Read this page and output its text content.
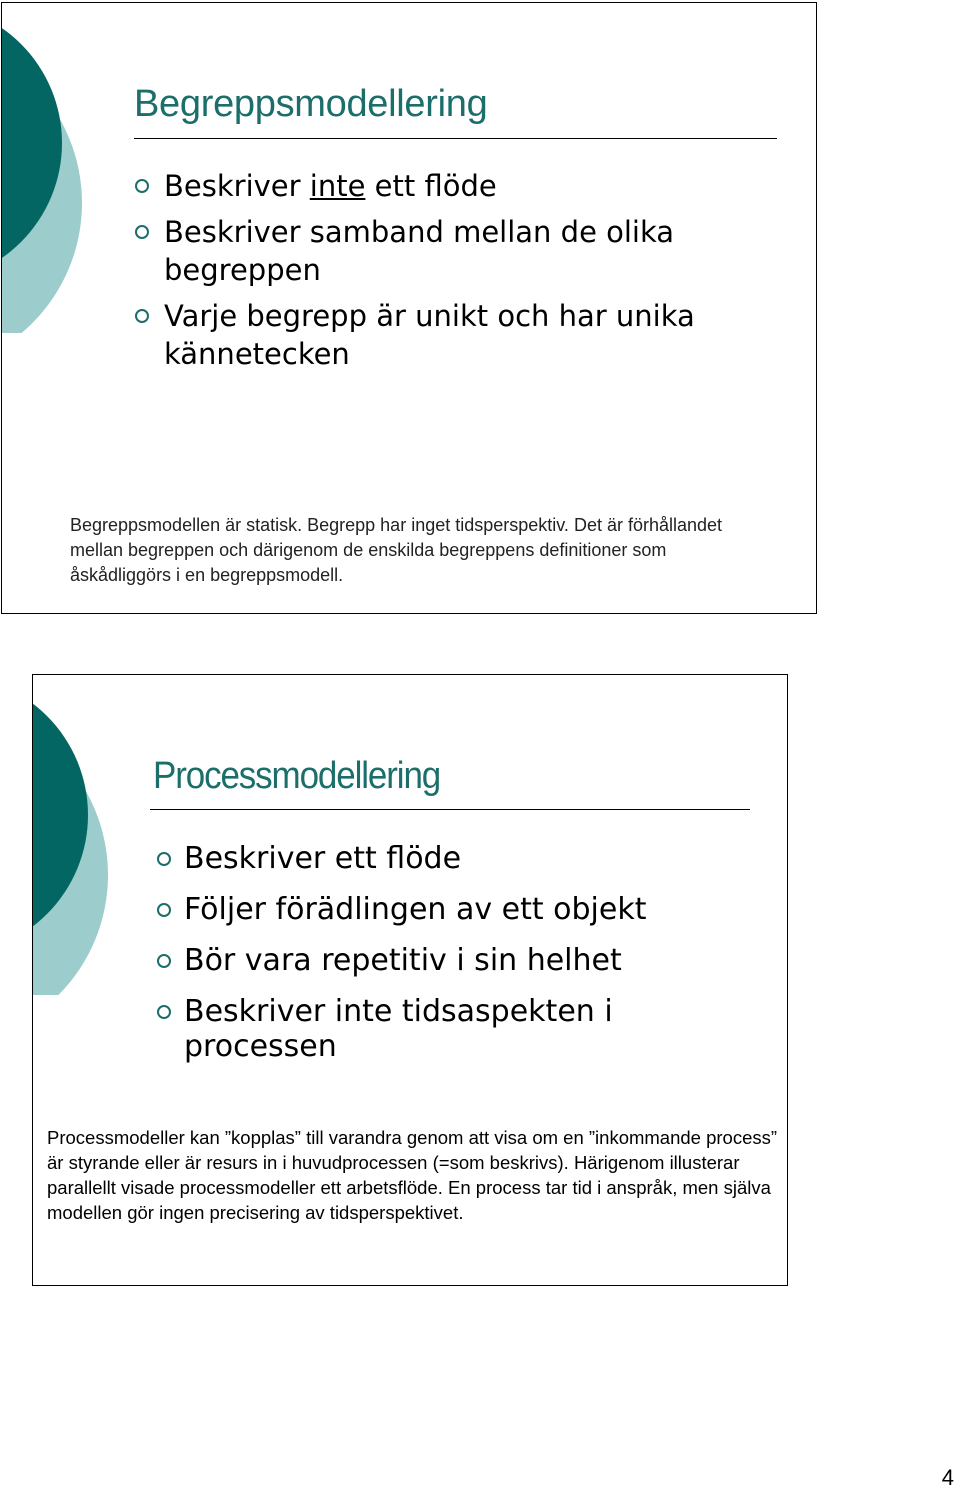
Begreppsmodellering
Beskriver inte ett flöde
Beskriver samband mellan de olika begreppen
Varje begrepp är unikt och har unika kännetecken

Begreppsmodellen är statisk. Begrepp har inget tidsperspektiv. Det är förhållandet mellan begreppen och därigenom de enskilda begreppens definitioner som åskådliggörs i en begreppsmodell.

Processmodellering
Beskriver ett flöde
Följer förädlingen av ett objekt
Bör vara repetitiv i sin helhet
Beskriver inte tidsaspekten i processen

Processmodeller kan ”kopplas” till varandra genom att visa om en ”inkommande process” är styrande eller är resurs in i huvudprocessen (=som beskrivs). Härigenom illusterar parallellt visade processmodeller ett arbetsflöde. En process tar tid i anspråk, men själva modellen gör ingen precisering av tidsperspektivet.

4
